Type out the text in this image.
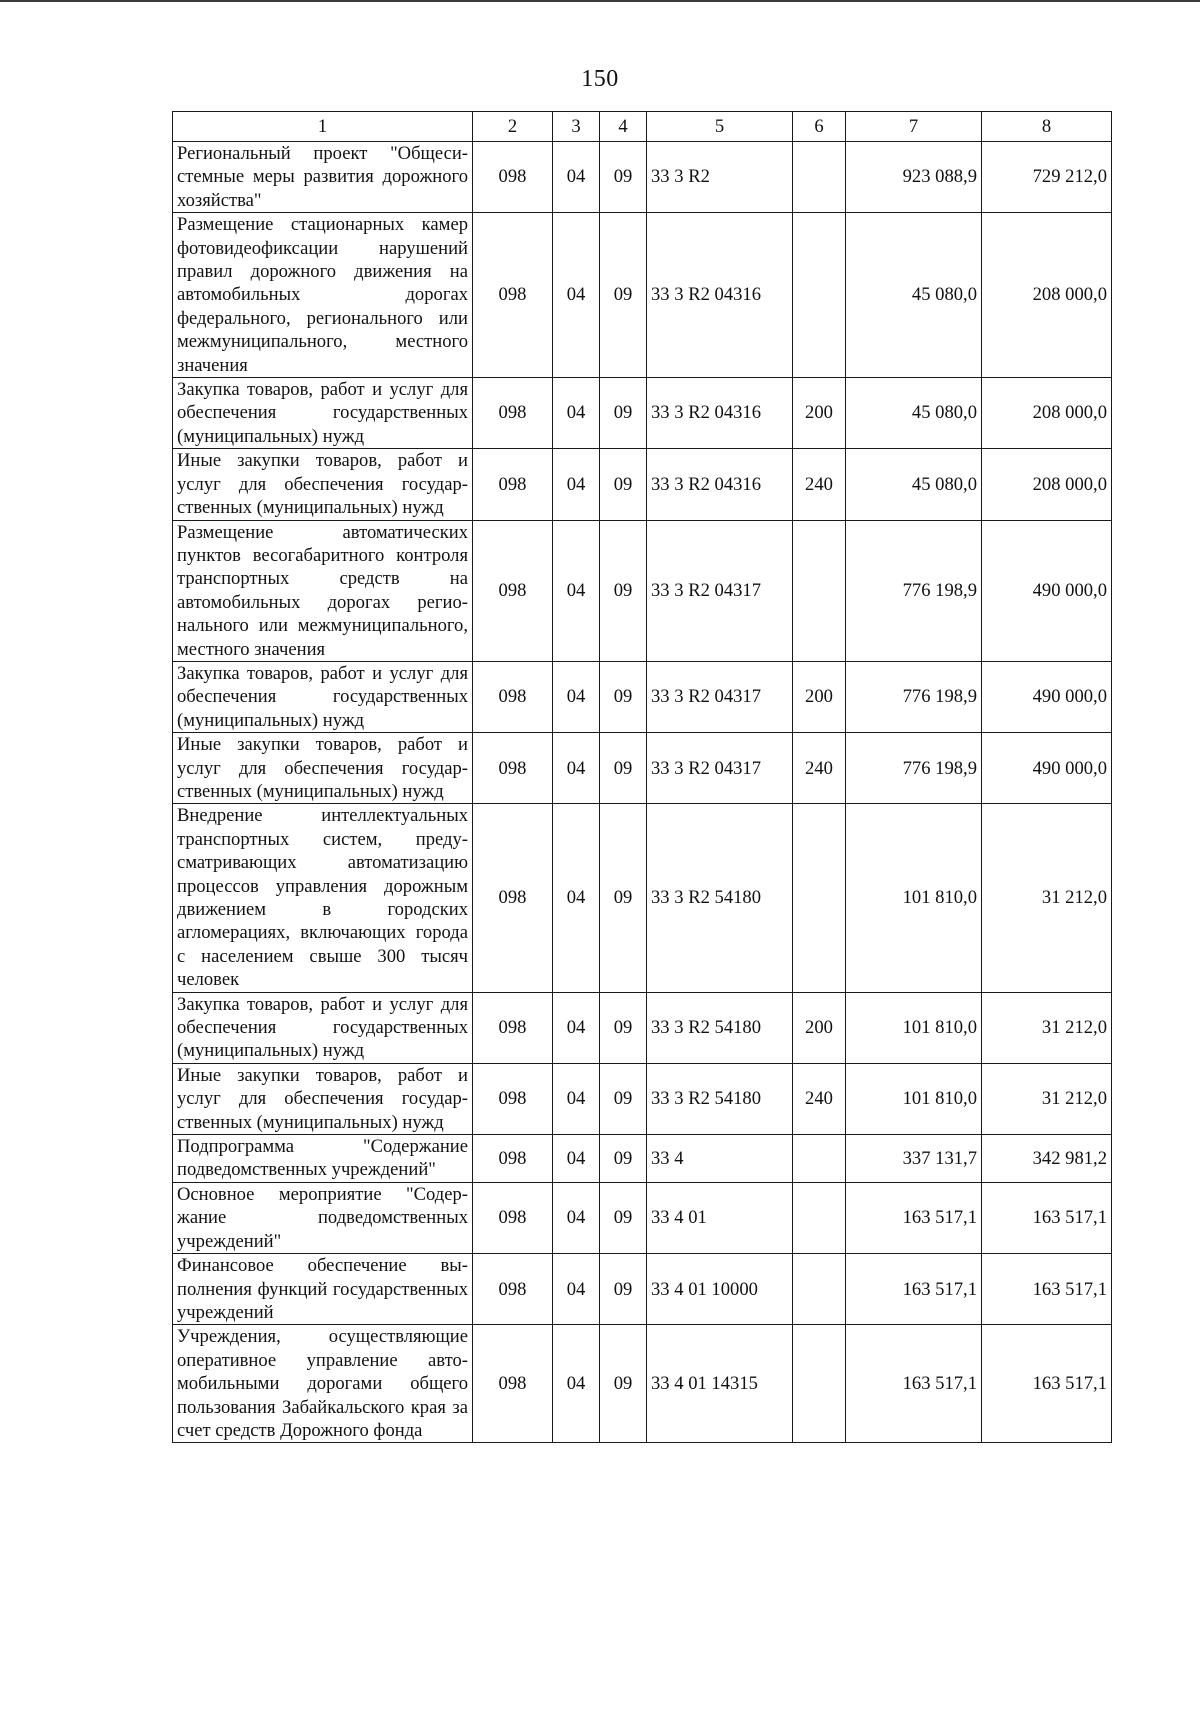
150
1	2	3	4	5	6	7	8
Региональный проект "Общесистемные меры развития дорожного хозяйства"	098	04	09	33 3 R2		923 088,9	729 212,0
Размещение стационарных камер фотовидеофиксации нарушений правил дорожного движения на автомобильных дорогах федерального, регионального или межмуниципального, местного значения	098	04	09	33 3 R2 04316		45 080,0	208 000,0
Закупка товаров, работ и услуг для обеспечения государственных (муниципальных) нужд	098	04	09	33 3 R2 04316	200	45 080,0	208 000,0
Иные закупки товаров, работ и услуг для обеспечения государственных (муниципальных) нужд	098	04	09	33 3 R2 04316	240	45 080,0	208 000,0
Размещение автоматических пунктов весогабаритного контроля транспортных средств на автомобильных дорогах регионального или межмуниципального, местного значения	098	04	09	33 3 R2 04317		776 198,9	490 000,0
Закупка товаров, работ и услуг для обеспечения государственных (муниципальных) нужд	098	04	09	33 3 R2 04317	200	776 198,9	490 000,0
Иные закупки товаров, работ и услуг для обеспечения государственных (муниципальных) нужд	098	04	09	33 3 R2 04317	240	776 198,9	490 000,0
Внедрение интеллектуальных транспортных систем, предусматривающих автоматизацию процессов управления дорожным движением в городских агломерациях, включающих города с населением свыше 300 тысяч человек	098	04	09	33 3 R2 54180		101 810,0	31 212,0
Закупка товаров, работ и услуг для обеспечения государственных (муниципальных) нужд	098	04	09	33 3 R2 54180	200	101 810,0	31 212,0
Иные закупки товаров, работ и услуг для обеспечения государственных (муниципальных) нужд	098	04	09	33 3 R2 54180	240	101 810,0	31 212,0
Подпрограмма "Содержание подведомственных учреждений"	098	04	09	33 4		337 131,7	342 981,2
Основное мероприятие "Содержание подведомственных учреждений"	098	04	09	33 4 01		163 517,1	163 517,1
Финансовое обеспечение выполнения функций государственных учреждений	098	04	09	33 4 01 10000		163 517,1	163 517,1
Учреждения, осуществляющие оперативное управление автомобильными дорогами общего пользования Забайкальского края за счет средств Дорожного фонда	098	04	09	33 4 01 14315		163 517,1	163 517,1
